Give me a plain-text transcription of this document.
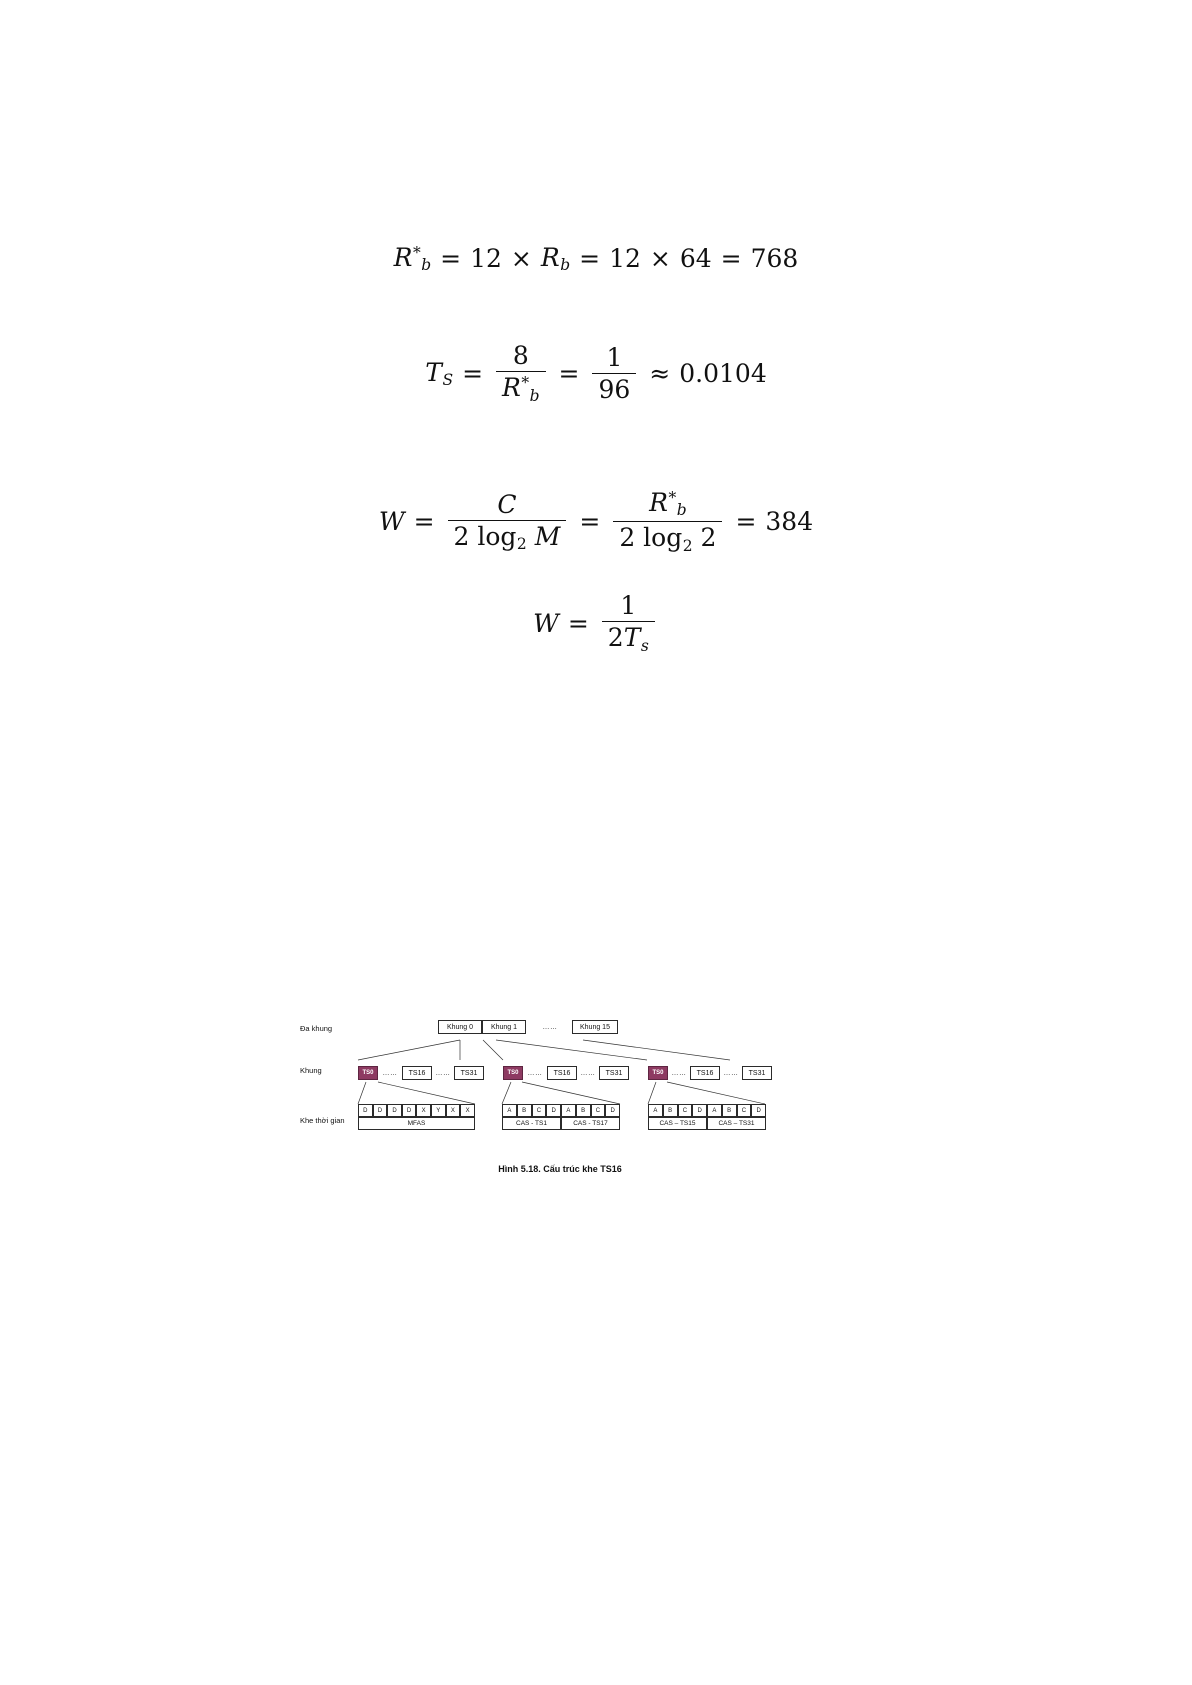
$R^*_b = 12 \times R_b = 12 \times 64 = 768$
$T_S = \frac{8}{R^*_b} = \frac{1}{96} \approx 0.0104$
$W = \frac{C}{2 \log_2 M} = \frac{R^*_b}{2 \log_2 2} = 384$
$W = \frac{1}{2T_s}$
Đa khung
Khung
Khe thời gian
Khung 0	Khung 1	……	Khung 15
TS0	……	TS16	……	TS31	TS0	……	TS16	……	TS31	TS0	……	TS16	……	TS31
D	D	D	D	X	Y	X	X
MFAS
A	B	C	D	A	B	C	D
CAS - TS1	CAS - TS17
A	B	C	D	A	B	C	D
CAS – TS15	CAS – TS31
Hình 5.18. Cấu trúc khe TS16
